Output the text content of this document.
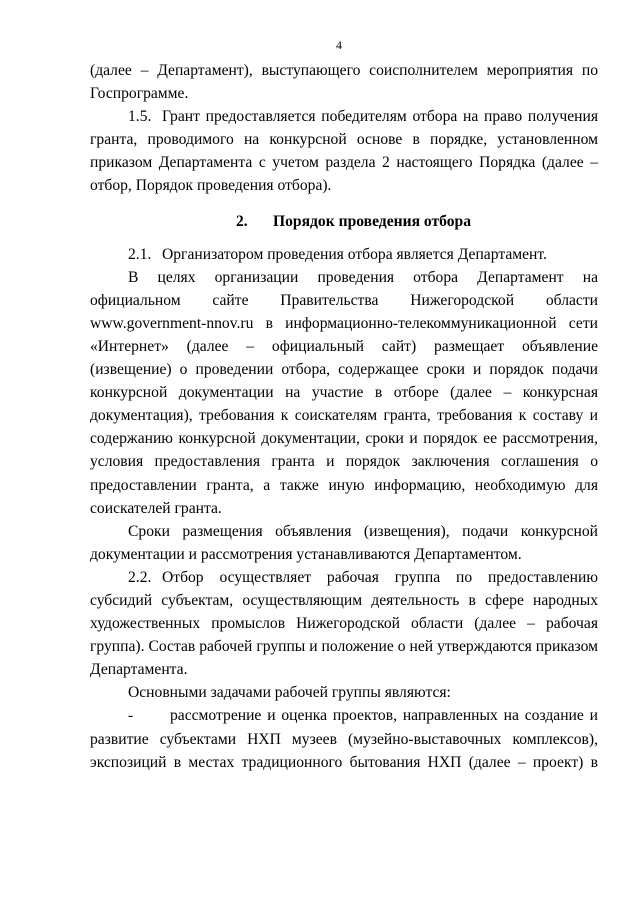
4

(далее – Департамент), выступающего соисполнителем мероприятия по Госпрограмме.

1.5. Грант предоставляется победителям отбора на право получения гранта, проводимого на конкурсной основе в порядке, установленном приказом Департамента с учетом раздела 2 настоящего Порядка (далее – отбор, Порядок проведения отбора).

2. Порядок проведения отбора

2.1. Организатором проведения отбора является Департамент.

В целях организации проведения отбора Департамент на официальном сайте Правительства Нижегородской области www.government-nnov.ru в информационно-телекоммуникационной сети «Интернет» (далее – официальный сайт) размещает объявление (извещение) о проведении отбора, содержащее сроки и порядок подачи конкурсной документации на участие в отборе (далее – конкурсная документация), требования к соискателям гранта, требования к составу и содержанию конкурсной документации, сроки и порядок ее рассмотрения, условия предоставления гранта и порядок заключения соглашения о предоставлении гранта, а также иную информацию, необходимую для соискателей гранта.

Сроки размещения объявления (извещения), подачи конкурсной документации и рассмотрения устанавливаются Департаментом.

2.2. Отбор осуществляет рабочая группа по предоставлению субсидий субъектам, осуществляющим деятельность в сфере народных художественных промыслов Нижегородской области (далее – рабочая группа). Состав рабочей группы и положение о ней утверждаются приказом Департамента.

Основными задачами рабочей группы являются:

- рассмотрение и оценка проектов, направленных на создание и развитие субъектами НХП музеев (музейно-выставочных комплексов), экспозиций в местах традиционного бытования НХП (далее – проект) в
